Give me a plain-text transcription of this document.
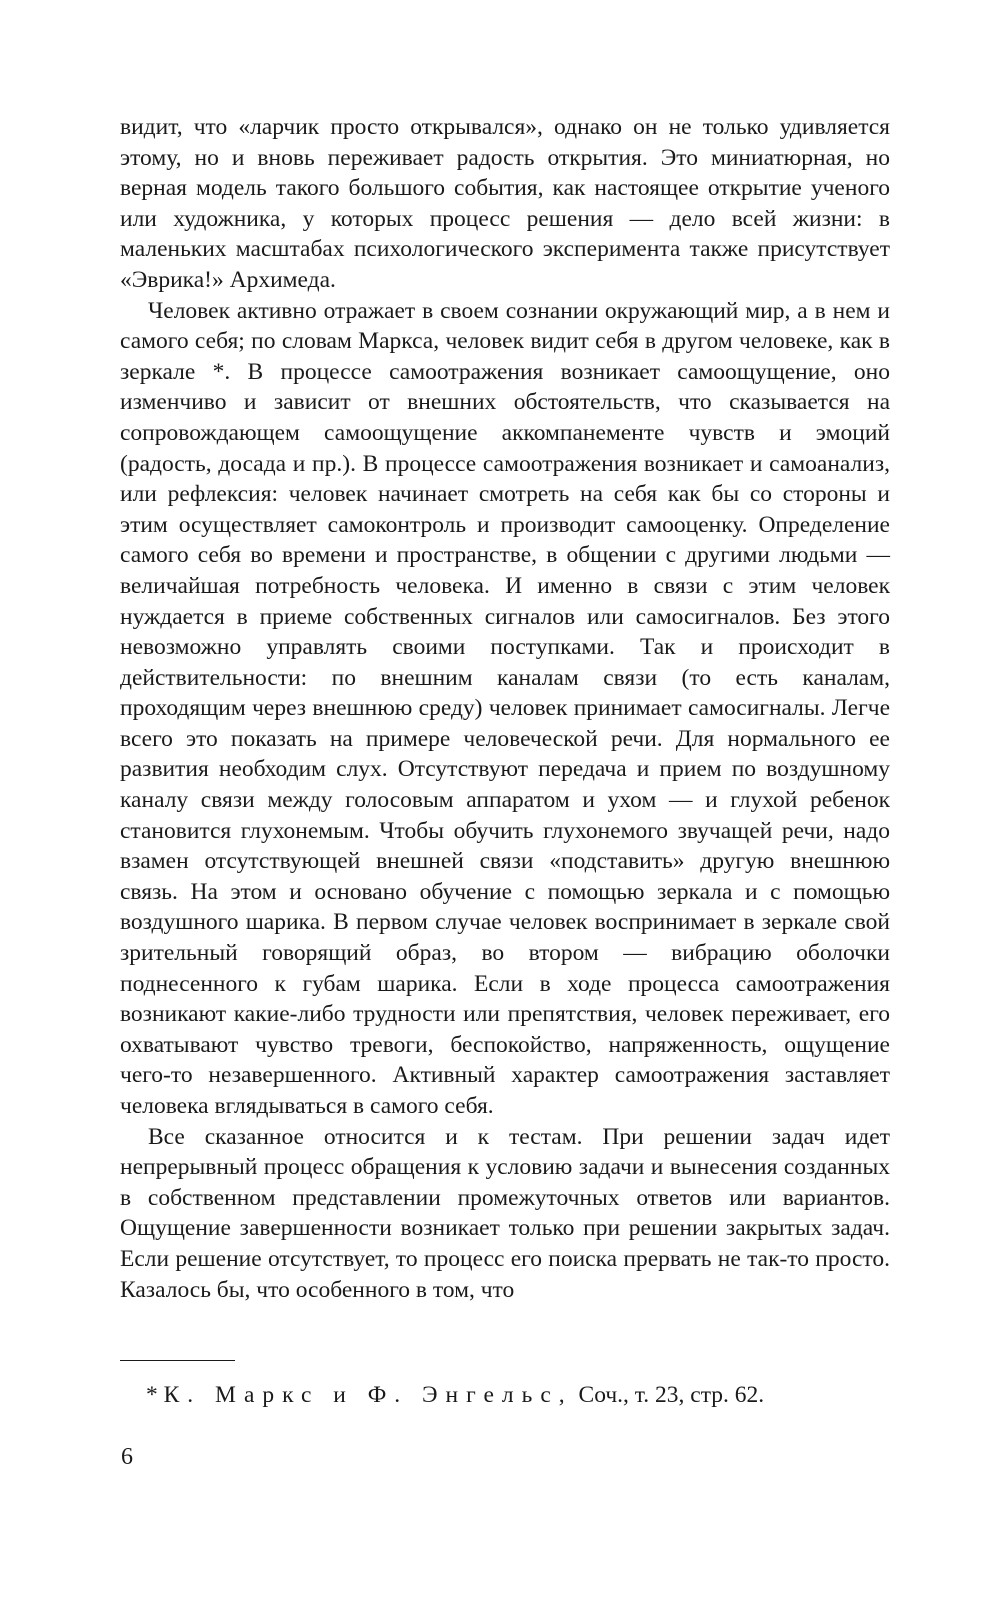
видит, что «ларчик просто открывался», однако он не только удивляется этому, но и вновь переживает радость открытия. Это миниатюрная, но верная модель такого большого события, как настоящее открытие ученого или художника, у которых процесс решения — дело всей жизни: в маленьких масштабах психологического эксперимента также присутствует «Эврика!» Архимеда.

Человек активно отражает в своем сознании окружающий мир, а в нем и самого себя; по словам Маркса, человек видит себя в другом человеке, как в зеркале *. В процессе самоотражения возникает самоощущение, оно изменчиво и зависит от внешних обстоятельств, что сказывается на сопровождающем самоощущение аккомпанементе чувств и эмоций (радость, досада и пр.). В процессе самоотражения возникает и самоанализ, или рефлексия: человек начинает смотреть на себя как бы со стороны и этим осуществляет самоконтроль и производит самооценку. Определение самого себя во времени и пространстве, в общении с другими людьми — величайшая потребность человека. И именно в связи с этим человек нуждается в приеме собственных сигналов или самосигналов. Без этого невозможно управлять своими поступками. Так и происходит в действительности: по внешним каналам связи (то есть каналам, проходящим через внешнюю среду) человек принимает самосигналы. Легче всего это показать на примере человеческой речи. Для нормального ее развития необходим слух. Отсутствуют передача и прием по воздушному каналу связи между голосовым аппаратом и ухом — и глухой ребенок становится глухонемым. Чтобы обучить глухонемого звучащей речи, надо взамен отсутствующей внешней связи «подставить» другую внешнюю связь. На этом и основано обучение с помощью зеркала и с помощью воздушного шарика. В первом случае человек воспринимает в зеркале свой зрительный говорящий образ, во втором — вибрацию оболочки поднесенного к губам шарика. Если в ходе процесса самоотражения возникают какие-либо трудности или препятствия, человек переживает, его охватывают чувство тревоги, беспокойство, напряженность, ощущение чего-то незавершенного. Активный характер самоотражения заставляет человека вглядываться в самого себя.

Все сказанное относится и к тестам. При решении задач идет непрерывный процесс обращения к условию задачи и вынесения созданных в собственном представлении промежуточных ответов или вариантов. Ощущение завершенности возникает только при решении закрытых задач. Если решение отсутствует, то процесс его поиска прервать не так-то просто. Казалось бы, что особенного в том, что

* К. Маркс и Ф. Энгельс, Соч., т. 23, стр. 62.
6
